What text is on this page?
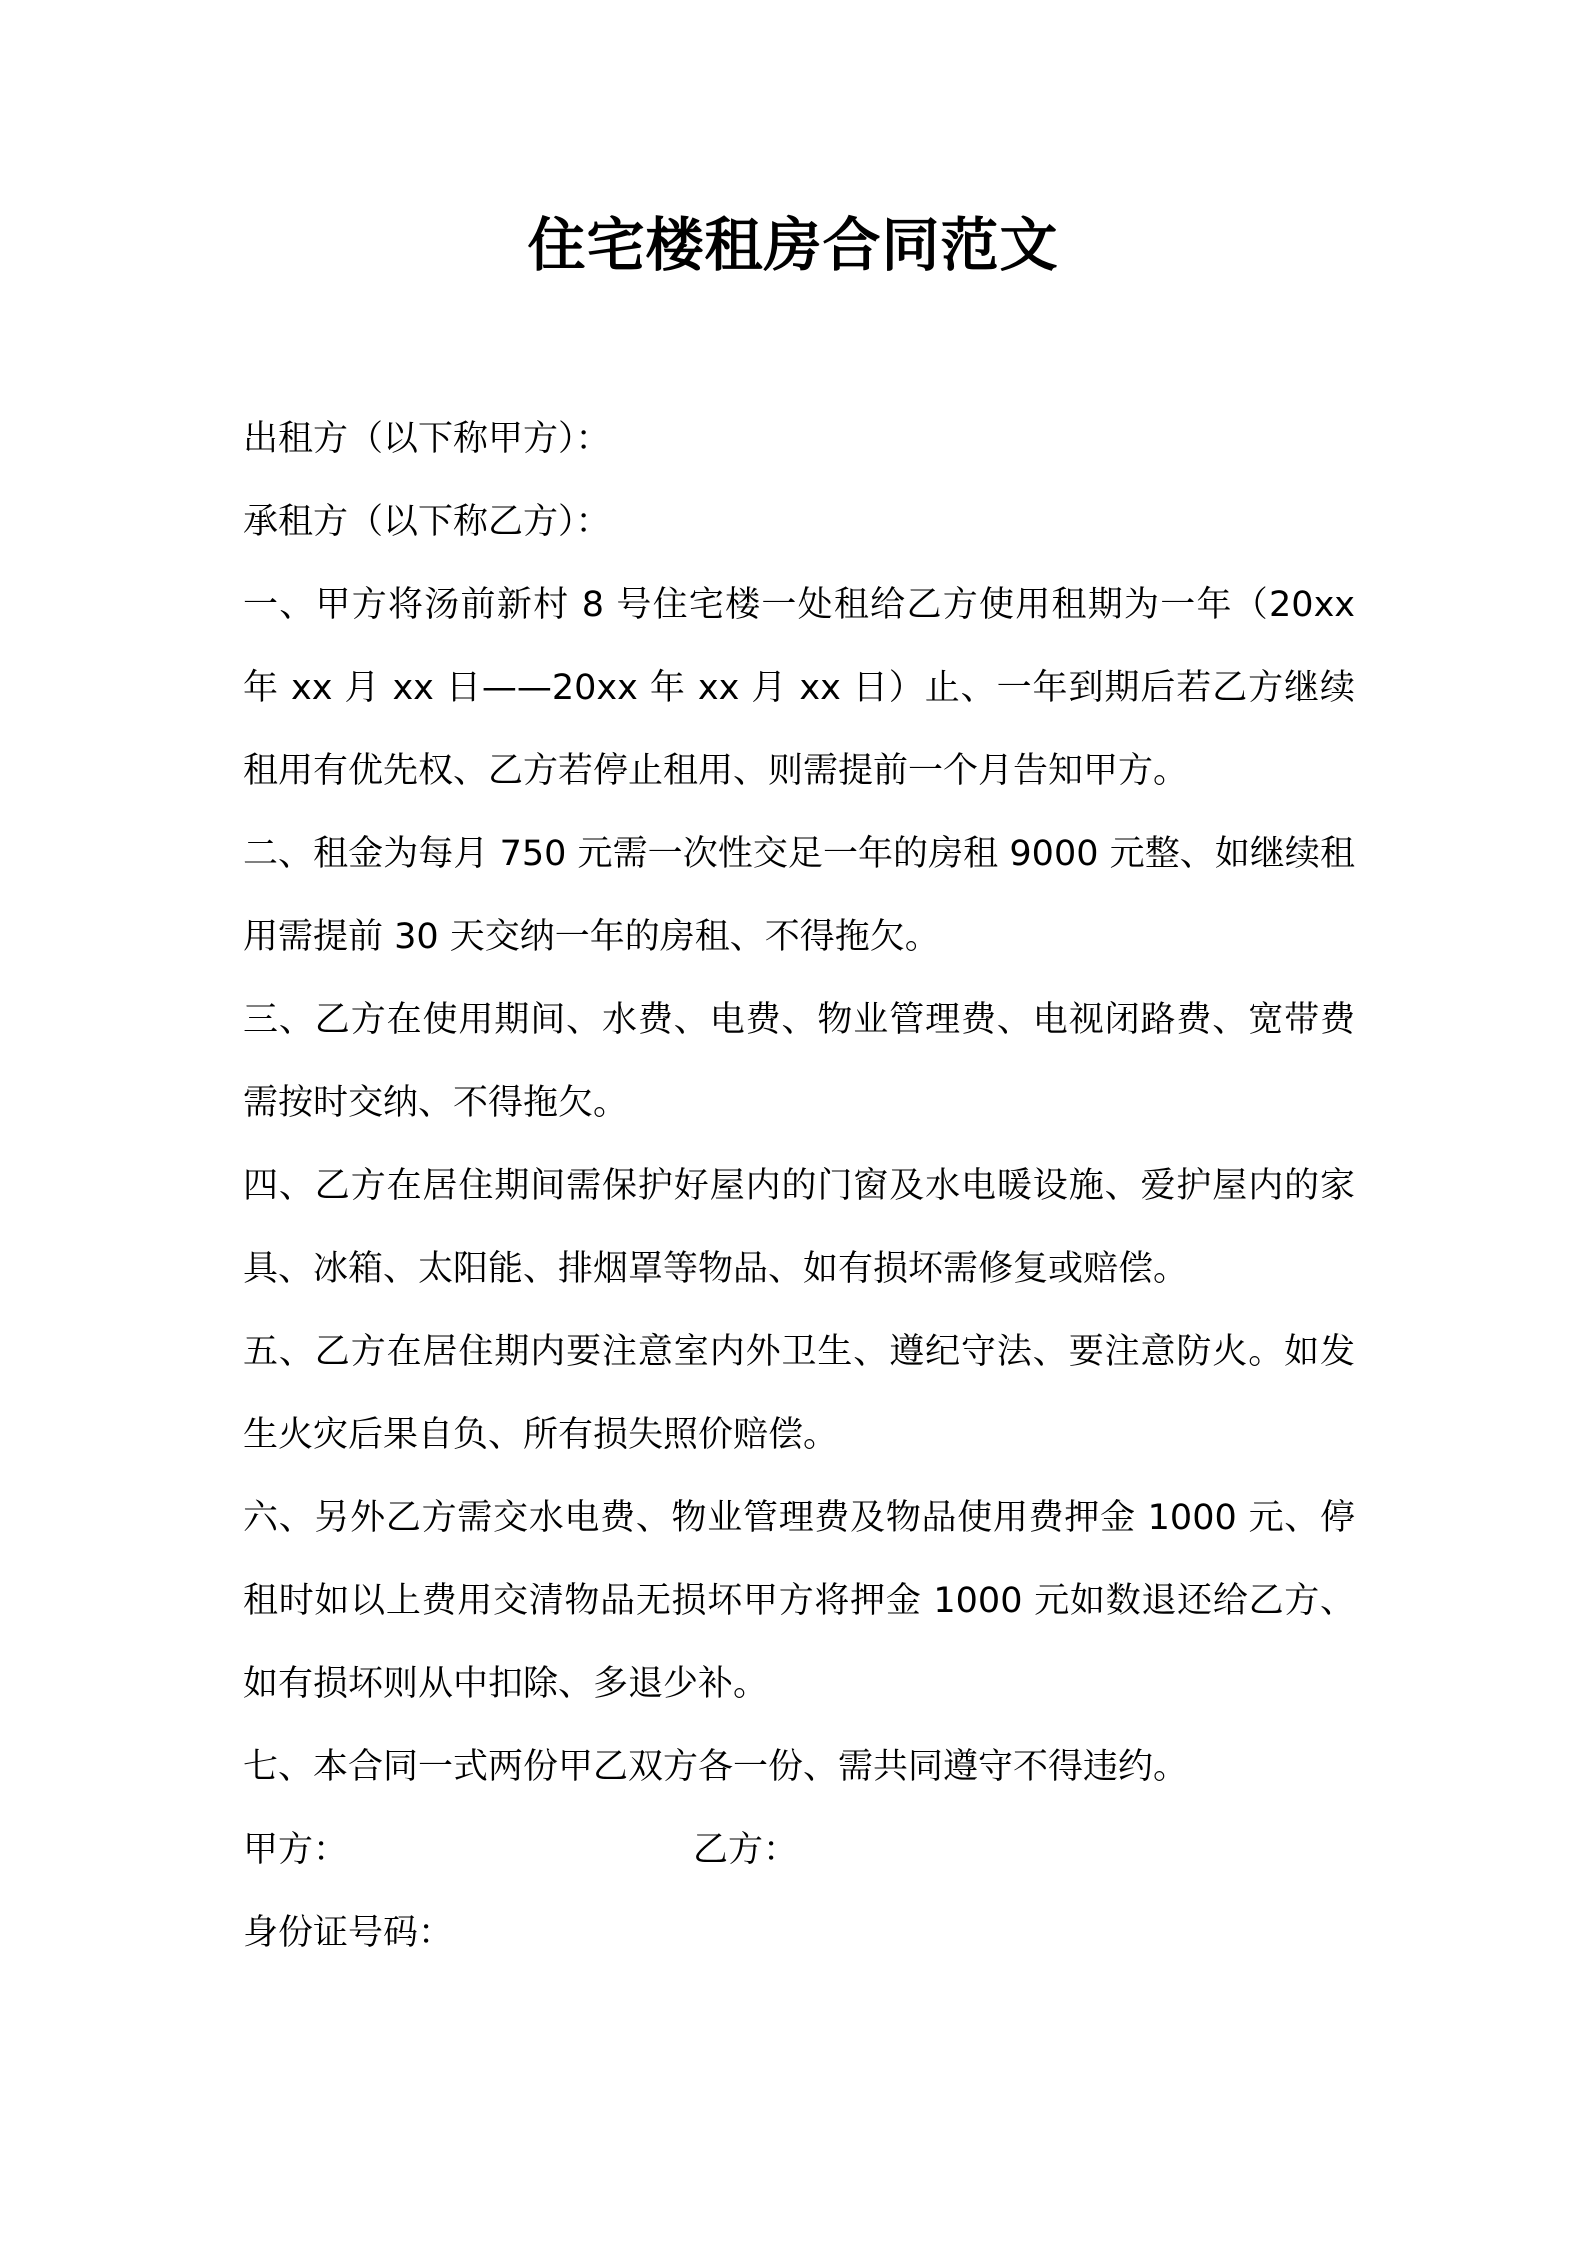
住宅楼租房合同范文

出租方（以下称甲方）：

承租方（以下称乙方）：

一、甲方将汤前新村 8 号住宅楼一处租给乙方使用租期为一年（20xx 年 xx 月 xx 日——20xx 年 xx 月 xx 日）止、一年到期后若乙方继续租用有优先权、乙方若停止租用、则需提前一个月告知甲方。

二、租金为每月 750 元需一次性交足一年的房租 9000 元整、如继续租用需提前 30 天交纳一年的房租、不得拖欠。

三、乙方在使用期间、水费、电费、物业管理费、电视闭路费、宽带费需按时交纳、不得拖欠。

四、乙方在居住期间需保护好屋内的门窗及水电暖设施、爱护屋内的家具、冰箱、太阳能、排烟罩等物品、如有损坏需修复或赔偿。

五、乙方在居住期内要注意室内外卫生、遵纪守法、要注意防火。如发生火灾后果自负、所有损失照价赔偿。

六、另外乙方需交水电费、物业管理费及物品使用费押金 1000 元、停租时如以上费用交清物品无损坏甲方将押金 1000 元如数退还给乙方、如有损坏则从中扣除、多退少补。

七、本合同一式两份甲乙双方各一份、需共同遵守不得违约。

甲方：	乙方：

身份证号码：
